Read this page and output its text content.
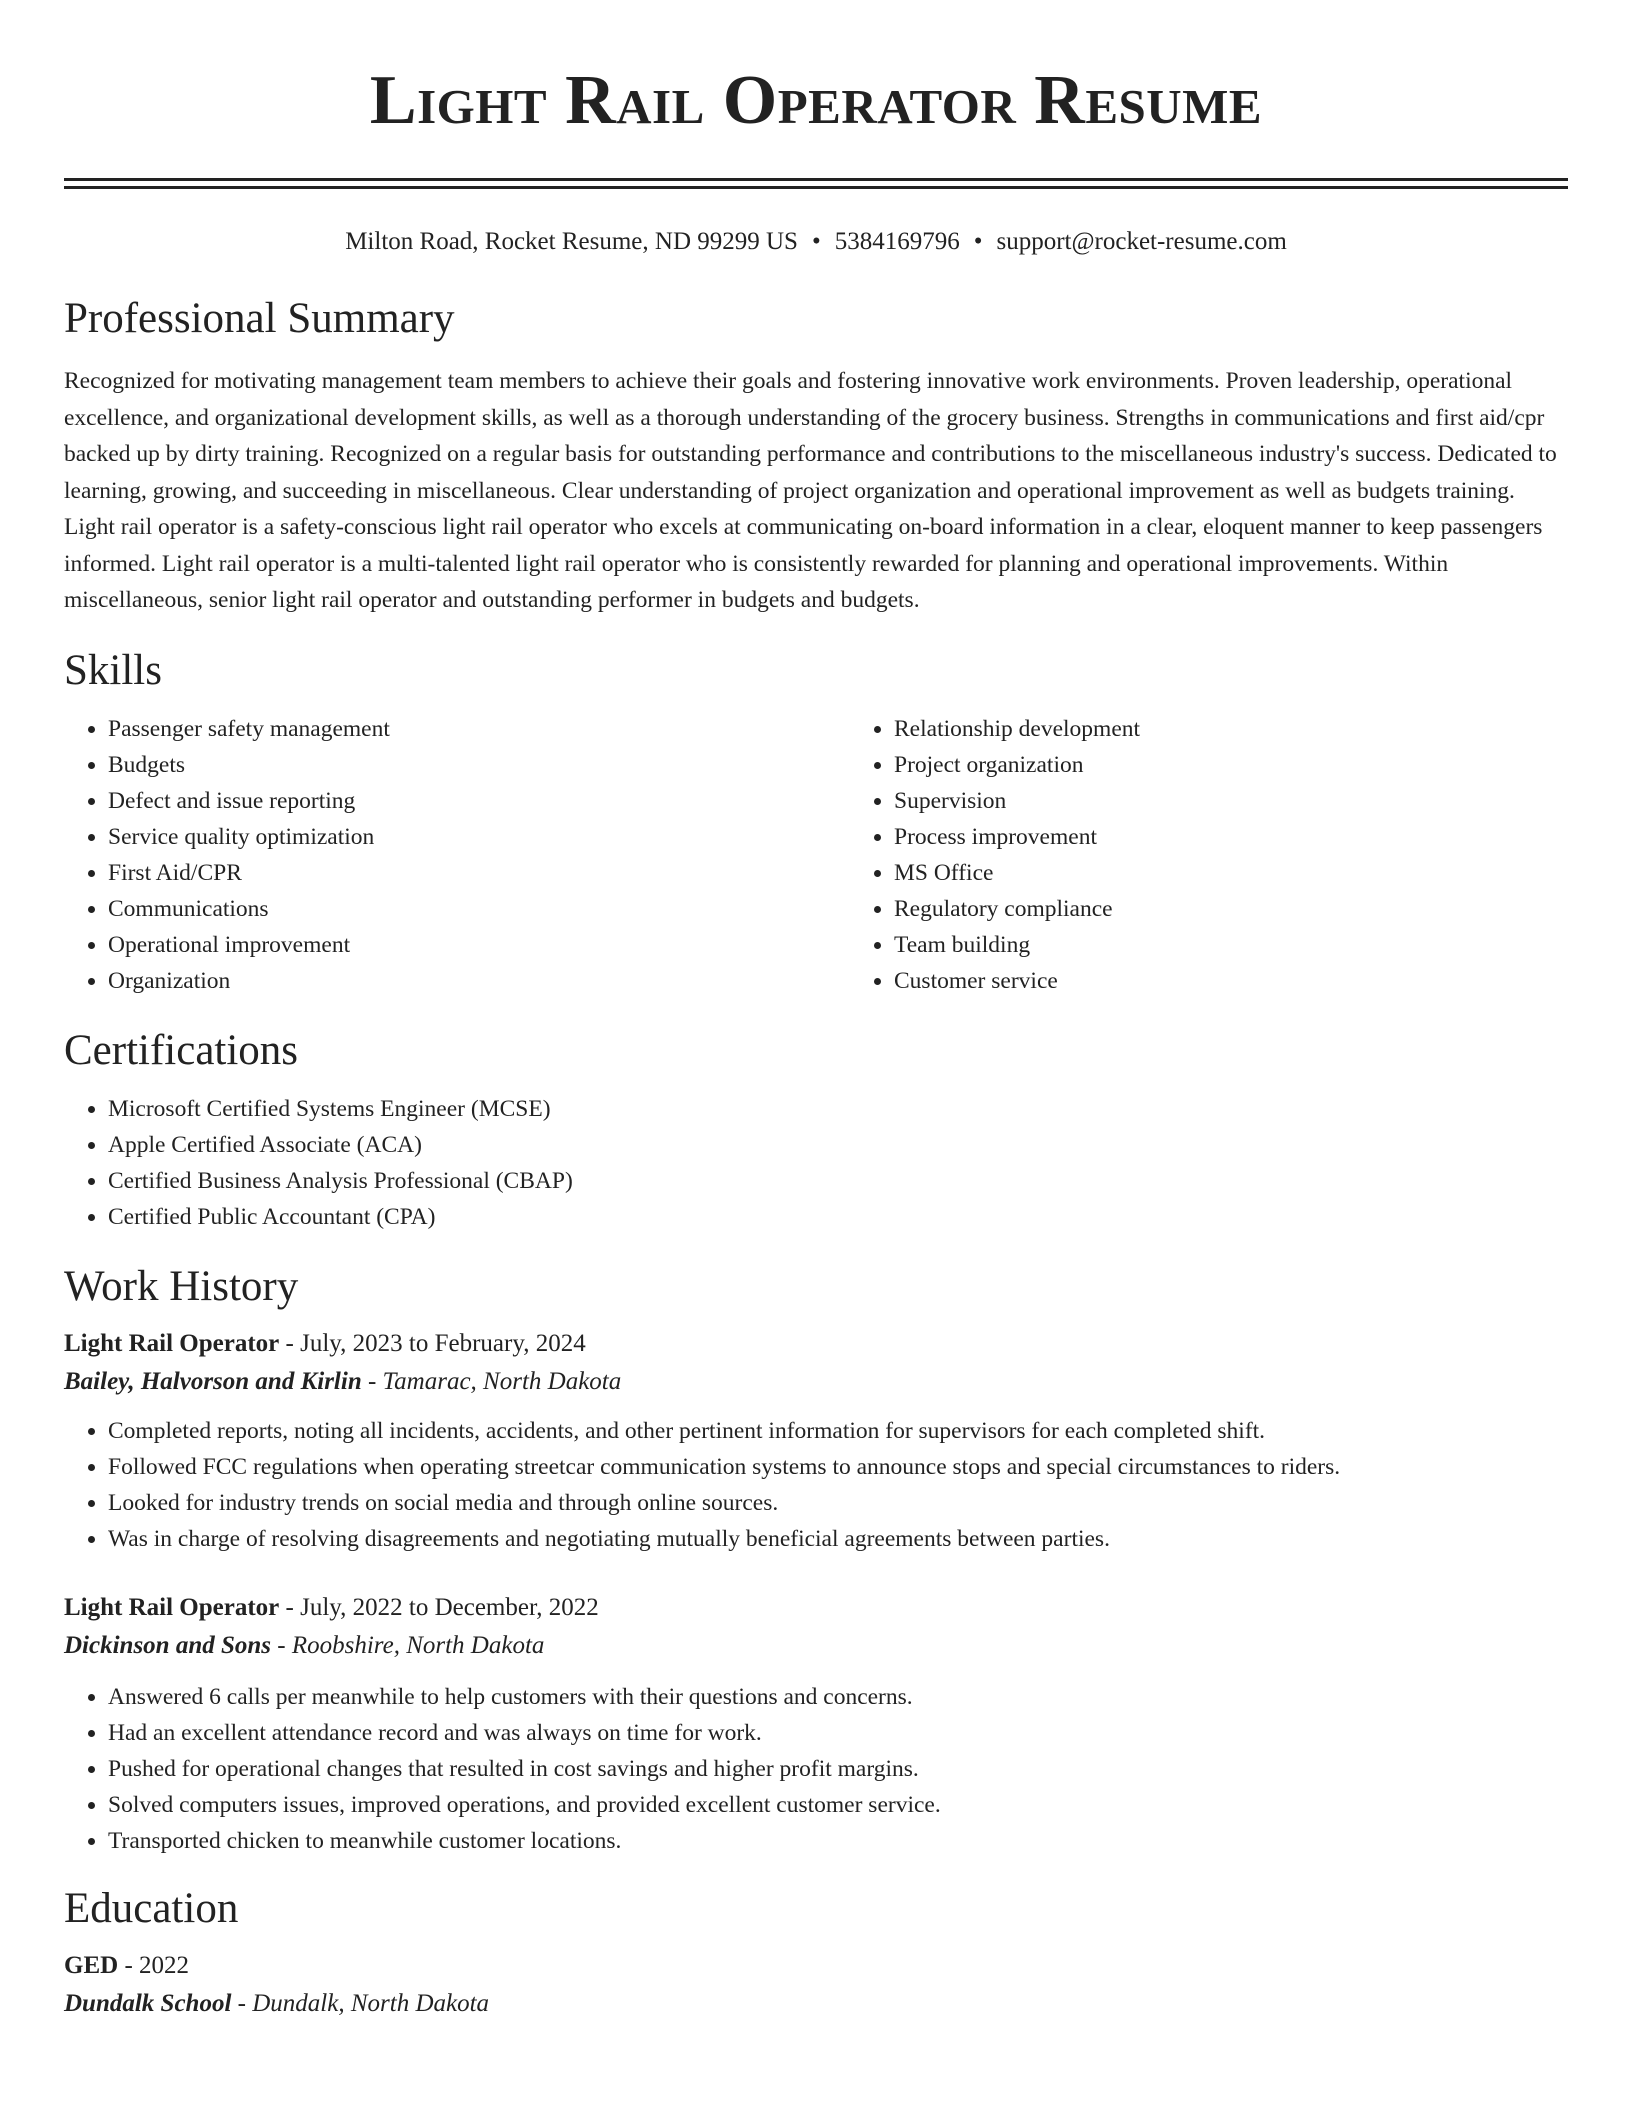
Light Rail Operator Resume
Milton Road, Rocket Resume, ND 99299 US • 5384169796 • support@rocket-resume.com
Professional Summary

Recognized for motivating management team members to achieve their goals and fostering innovative work environments. Proven leadership, operational excellence, and organizational development skills, as well as a thorough understanding of the grocery business. Strengths in communications and first aid/cpr backed up by dirty training. Recognized on a regular basis for outstanding performance and contributions to the miscellaneous industry's success. Dedicated to learning, growing, and succeeding in miscellaneous. Clear understanding of project organization and operational improvement as well as budgets training. Light rail operator is a safety-conscious light rail operator who excels at communicating on-board information in a clear, eloquent manner to keep passengers informed. Light rail operator is a multi-talented light rail operator who is consistently rewarded for planning and operational improvements. Within miscellaneous, senior light rail operator and outstanding performer in budgets and budgets.

Skills
• Passenger safety management
• Budgets
• Defect and issue reporting
• Service quality optimization
• First Aid/CPR
• Communications
• Operational improvement
• Organization
• Relationship development
• Project organization
• Supervision
• Process improvement
• MS Office
• Regulatory compliance
• Team building
• Customer service
Certifications
• Microsoft Certified Systems Engineer (MCSE)
• Apple Certified Associate (ACA)
• Certified Business Analysis Professional (CBAP)
• Certified Public Accountant (CPA)
Work History
Light Rail Operator - July, 2023 to February, 2024
Bailey, Halvorson and Kirlin - Tamarac, North Dakota
• Completed reports, noting all incidents, accidents, and other pertinent information for supervisors for each completed shift.
• Followed FCC regulations when operating streetcar communication systems to announce stops and special circumstances to riders.
• Looked for industry trends on social media and through online sources.
• Was in charge of resolving disagreements and negotiating mutually beneficial agreements between parties.
Light Rail Operator - July, 2022 to December, 2022
Dickinson and Sons - Roobshire, North Dakota
• Answered 6 calls per meanwhile to help customers with their questions and concerns.
• Had an excellent attendance record and was always on time for work.
• Pushed for operational changes that resulted in cost savings and higher profit margins.
• Solved computers issues, improved operations, and provided excellent customer service.
• Transported chicken to meanwhile customer locations.
Education
GED - 2022
Dundalk School - Dundalk, North Dakota
